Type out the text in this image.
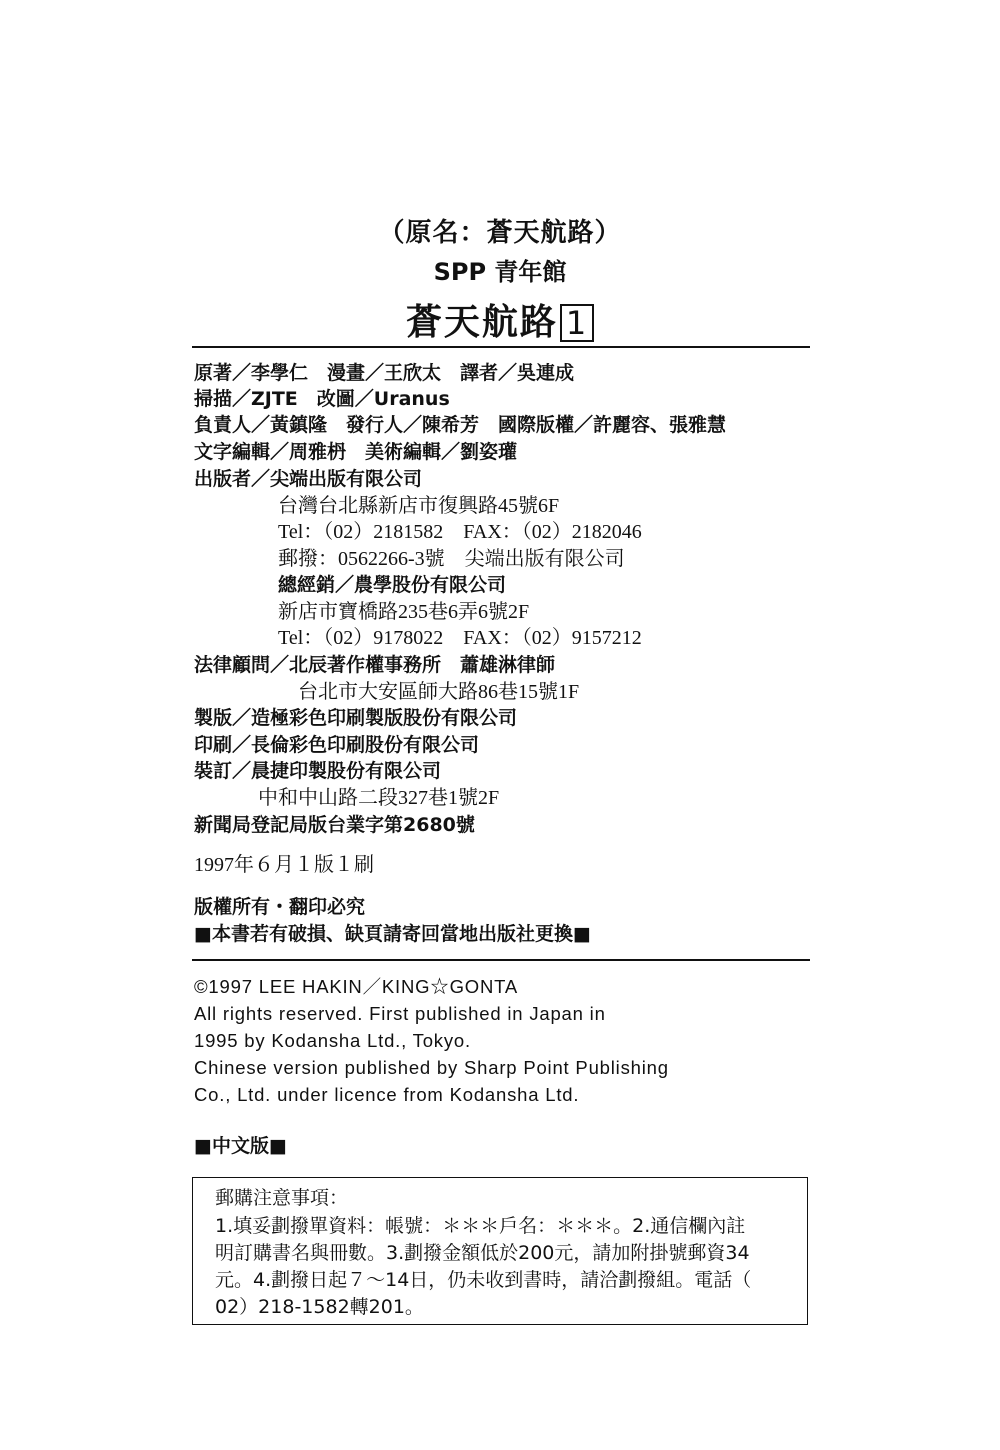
（原名：蒼天航路）
SPP 青年館
蒼天航路 1
原著／李學仁　漫畫／王欣太　譯者／吳連成
掃描／ZJTE　改圖／Uranus
負責人／黃鎮隆　發行人／陳希芳　國際版權／許麗容、張雅慧
文字編輯／周雅枬　美術編輯／劉姿瓘
出版者／尖端出版有限公司
台灣台北縣新店市復興路45號6F
Tel：（02）2181582　FAX：（02）2182046
郵撥：0562266-3號　尖端出版有限公司
總經銷／農學股份有限公司
新店市寶橋路235巷6弄6號2F
Tel：（02）9178022　FAX：（02）9157212
法律顧問／北辰著作權事務所　蕭雄淋律師
台北市大安區師大路86巷15號1F
製版／造極彩色印刷製版股份有限公司
印刷／長倫彩色印刷股份有限公司
裝訂／晨捷印製股份有限公司
中和中山路二段327巷1號2F
新聞局登記局版台業字第2680號
1997年６月１版１刷
版權所有・翻印必究
■本書若有破損、缺頁請寄回當地出版社更換■
©1997 LEE HAKIN／KING☆GONTA
All rights reserved. First published in Japan in
1995 by Kodansha Ltd., Tokyo.
Chinese version published by Sharp Point Publishing
Co., Ltd. under licence from Kodansha Ltd.
■中文版■
郵購注意事項：
1.填妥劃撥單資料：帳號：＊＊＊戶名：＊＊＊。2.通信欄內註
明訂購書名與冊數。3.劃撥金額低於200元，請加附掛號郵資34
元。4.劃撥日起７～14日，仍未收到書時，請洽劃撥組。電話（
02）218-1582轉201。
